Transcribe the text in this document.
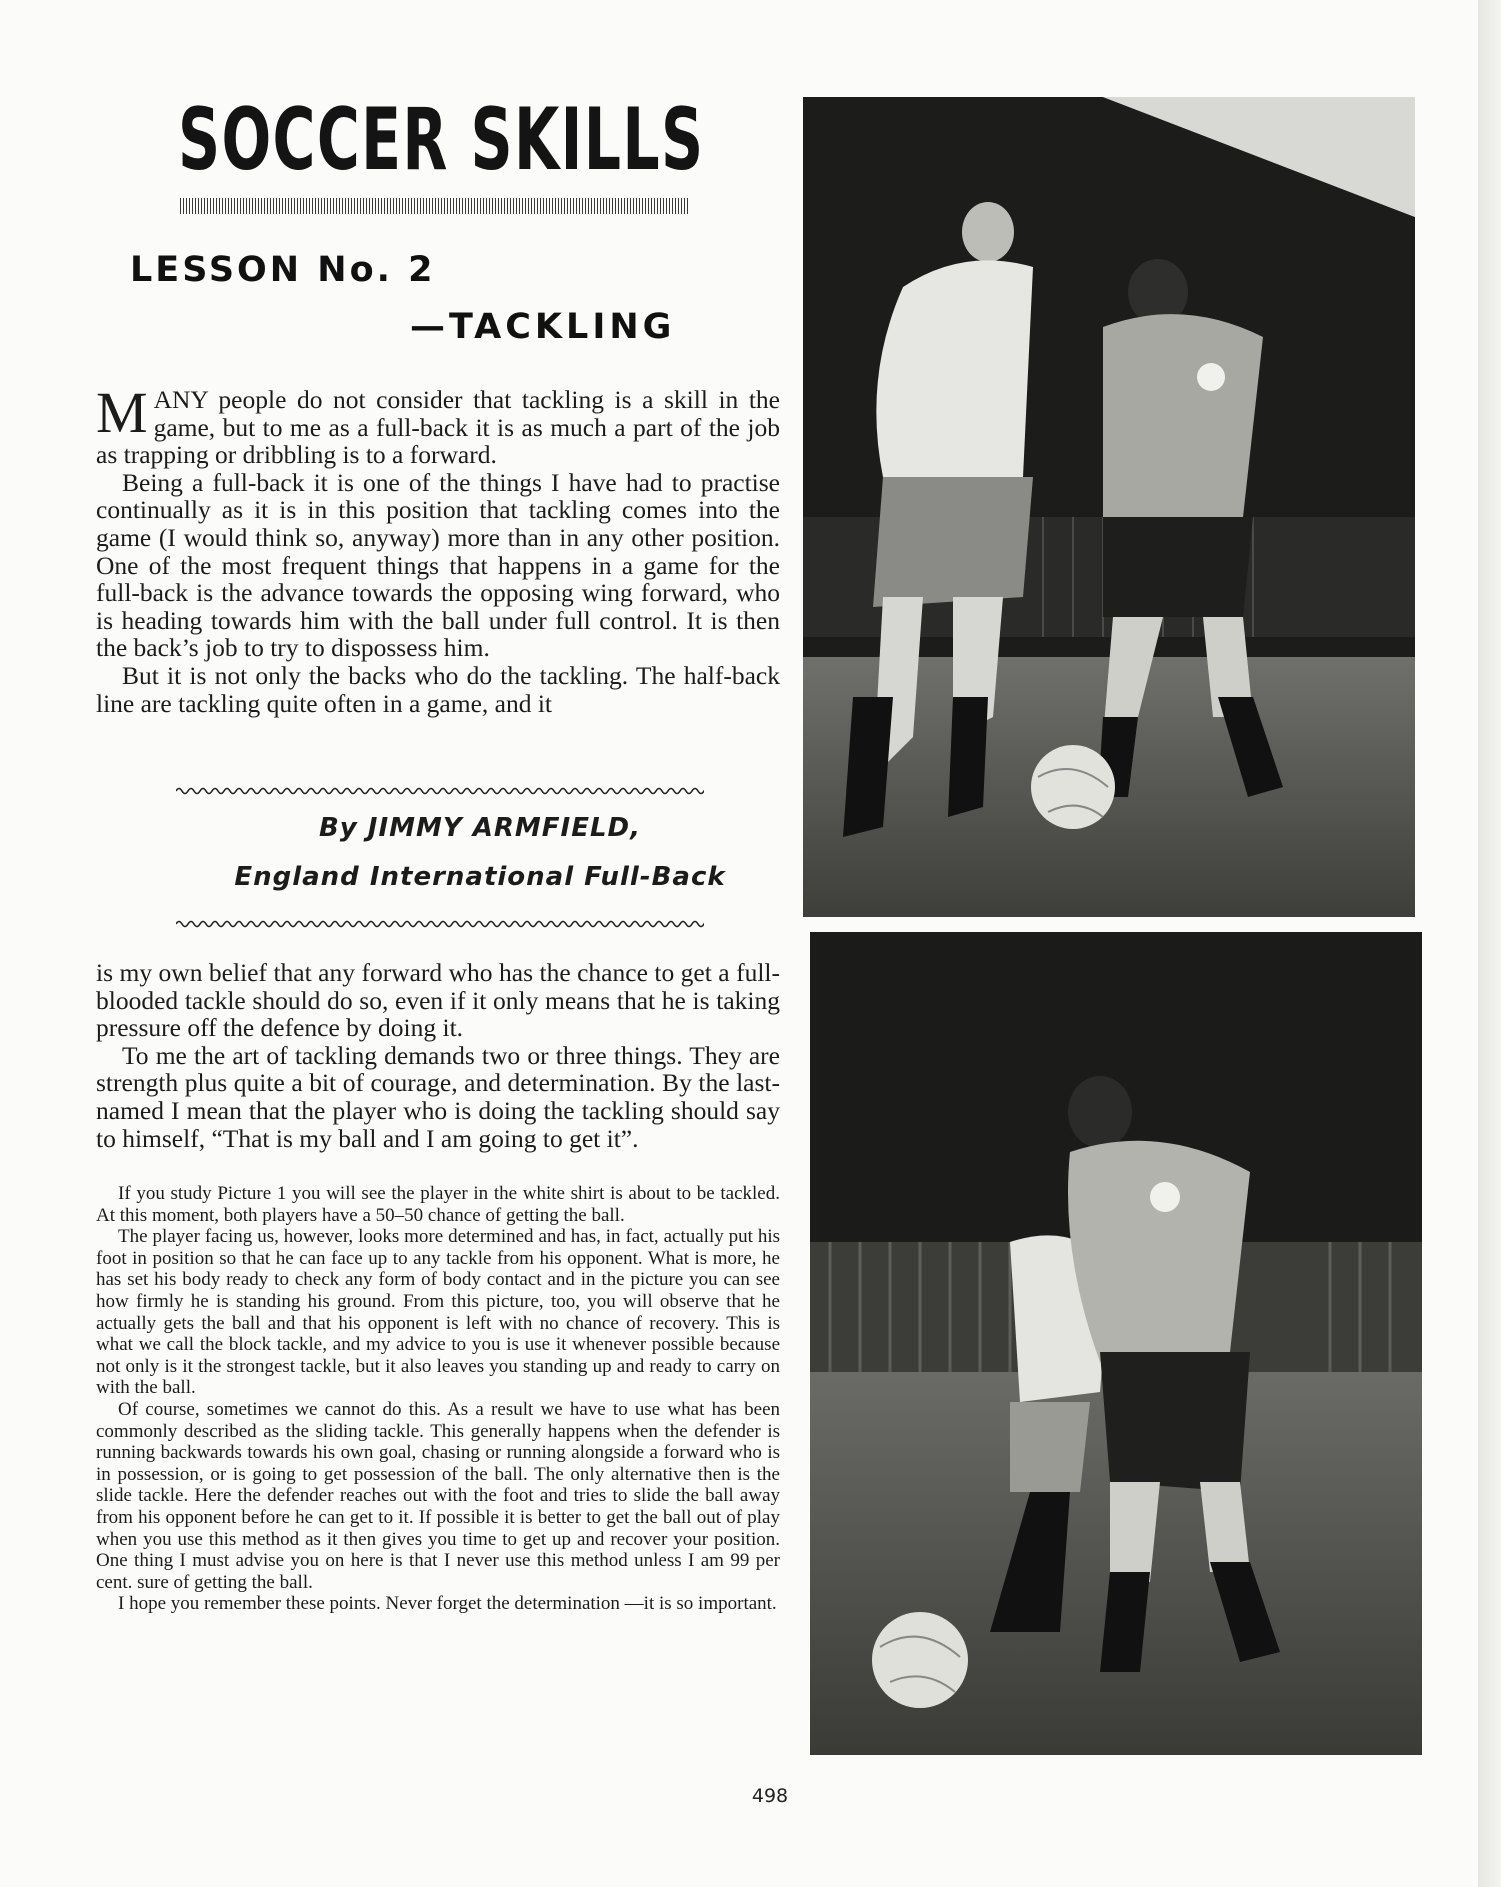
SOCCER SKILLS
LESSON No. 2
—TACKLING

MANY people do not consider that tackling is a skill in the game, but to me as a full-back it is as much a part of the job as trapping or dribbling is to a forward.

Being a full-back it is one of the things I have had to practise continually as it is in this position that tackling comes into the game (I would think so, anyway) more than in any other position. One of the most frequent things that happens in a game for the full-back is the advance towards the opposing wing forward, who is heading towards him with the ball under full control. It is then the back’s job to try to dispossess him.

But it is not only the backs who do the tackling. The half-back line are tackling quite often in a game, and it

By JIMMY ARMFIELD,
England International Full-Back

is my own belief that any forward who has the chance to get a full-blooded tackle should do so, even if it only means that he is taking pressure off the defence by doing it.

To me the art of tackling demands two or three things. They are strength plus quite a bit of courage, and determination. By the last-named I mean that the player who is doing the tackling should say to himself, “That is my ball and I am going to get it”.

If you study Picture 1 you will see the player in the white shirt is about to be tackled. At this moment, both players have a 50–50 chance of getting the ball.

The player facing us, however, looks more determined and has, in fact, actually put his foot in position so that he can face up to any tackle from his opponent. What is more, he has set his body ready to check any form of body contact and in the picture you can see how firmly he is standing his ground. From this picture, too, you will observe that he actually gets the ball and that his opponent is left with no chance of recovery. This is what we call the block tackle, and my advice to you is use it whenever possible because not only is it the strongest tackle, but it also leaves you standing up and ready to carry on with the ball.

Of course, sometimes we cannot do this. As a result we have to use what has been commonly described as the sliding tackle. This generally happens when the defender is running backwards towards his own goal, chasing or running alongside a forward who is in possession, or is going to get possession of the ball. The only alternative then is the slide tackle. Here the defender reaches out with the foot and tries to slide the ball away from his opponent before he can get to it. If possible it is better to get the ball out of play when you use this method as it then gives you time to get up and recover your position. One thing I must advise you on here is that I never use this method unless I am 99 per cent. sure of getting the ball.

I hope you remember these points. Never forget the determination —it is so important.

498
